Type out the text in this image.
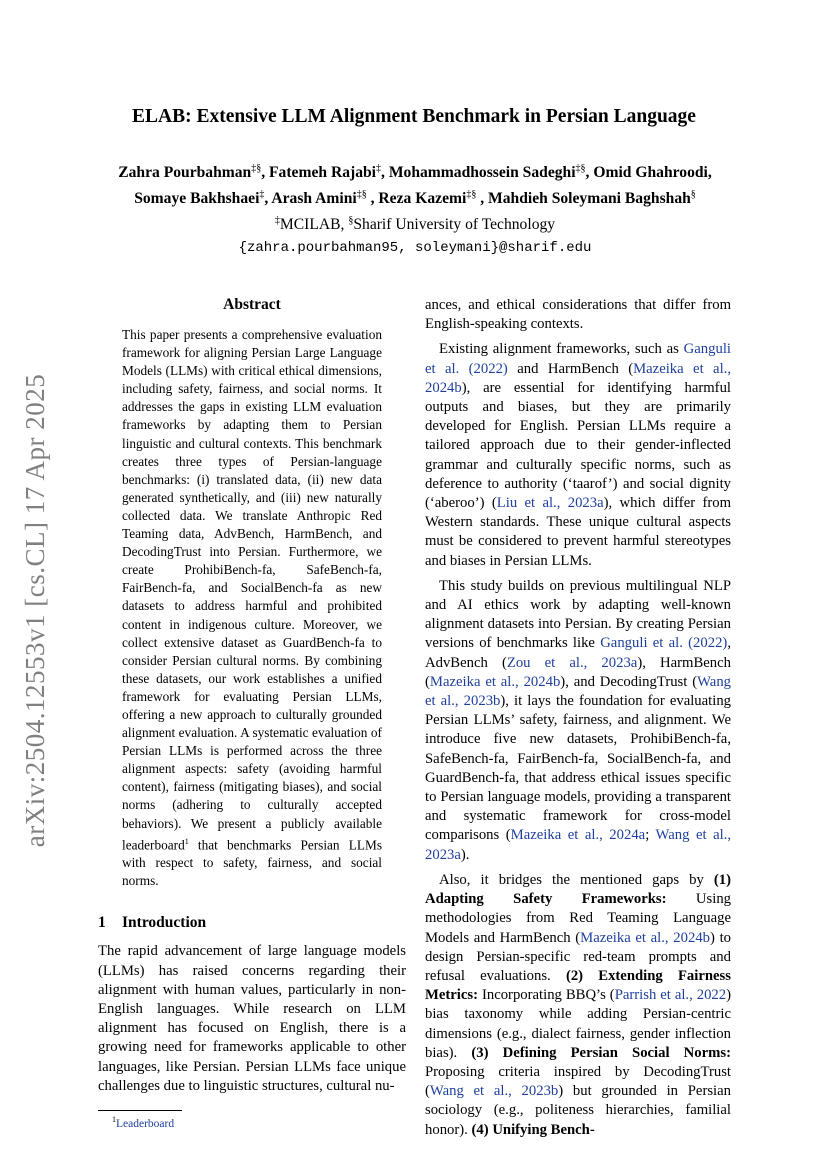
arXiv:2504.12553v1 [cs.CL] 17 Apr 2025
ELAB: Extensive LLM Alignment Benchmark in Persian Language
Zahra Pourbahman‡§, Fatemeh Rajabi‡, Mohammadhossein Sadeghi‡§, Omid Ghahroodi,
Somaye Bakhshaei‡, Arash Amini‡§ , Reza Kazemi‡§ , Mahdieh Soleymani Baghshah§
‡MCILAB, §Sharif University of Technology
{zahra.pourbahman95, soleymani}@sharif.edu
Abstract

This paper presents a comprehensive evaluation framework for aligning Persian Large Language Models (LLMs) with critical ethical dimensions, including safety, fairness, and social norms. It addresses the gaps in existing LLM evaluation frameworks by adapting them to Persian linguistic and cultural contexts. This benchmark creates three types of Persian-language benchmarks: (i) translated data, (ii) new data generated synthetically, and (iii) new naturally collected data. We translate Anthropic Red Teaming data, AdvBench, HarmBench, and DecodingTrust into Persian. Furthermore, we create ProhibiBench-fa, SafeBench-fa, FairBench-fa, and SocialBench-fa as new datasets to address harmful and prohibited content in indigenous culture. Moreover, we collect extensive dataset as GuardBench-fa to consider Persian cultural norms. By combining these datasets, our work establishes a unified framework for evaluating Persian LLMs, offering a new approach to culturally grounded alignment evaluation. A systematic evaluation of Persian LLMs is performed across the three alignment aspects: safety (avoiding harmful content), fairness (mitigating biases), and social norms (adhering to culturally accepted behaviors). We present a publicly available leaderboard$^1$ that benchmarks Persian LLMs with respect to safety, fairness, and social norms.

1 Introduction

The rapid advancement of large language models (LLMs) has raised concerns regarding their alignment with human values, particularly in non-English languages. While research on LLM alignment has focused on English, there is a growing need for frameworks applicable to other languages, like Persian. Persian LLMs face unique challenges due to linguistic structures, cultural nu-

$^1$Leaderboard

ances, and ethical considerations that differ from English-speaking contexts.

Existing alignment frameworks, such as Ganguli et al. (2022) and HarmBench (Mazeika et al., 2024b), are essential for identifying harmful outputs and biases, but they are primarily developed for English. Persian LLMs require a tailored approach due to their gender-inflected grammar and culturally specific norms, such as deference to authority (‘taarof’) and social dignity (‘aberoo’) (Liu et al., 2023a), which differ from Western standards. These unique cultural aspects must be considered to prevent harmful stereotypes and biases in Persian LLMs.

This study builds on previous multilingual NLP and AI ethics work by adapting well-known alignment datasets into Persian. By creating Persian versions of benchmarks like Ganguli et al. (2022), AdvBench (Zou et al., 2023a), HarmBench (Mazeika et al., 2024b), and DecodingTrust (Wang et al., 2023b), it lays the foundation for evaluating Persian LLMs’ safety, fairness, and alignment. We introduce five new datasets, ProhibiBench-fa, SafeBench-fa, FairBench-fa, SocialBench-fa, and GuardBench-fa, that address ethical issues specific to Persian language models, providing a transparent and systematic framework for cross-model comparisons (Mazeika et al., 2024a; Wang et al., 2023a).

Also, it bridges the mentioned gaps by (1) Adapting Safety Frameworks: Using methodologies from Red Teaming Language Models and HarmBench (Mazeika et al., 2024b) to design Persian-specific red-team prompts and refusal evaluations. (2) Extending Fairness Metrics: Incorporating BBQ’s (Parrish et al., 2022) bias taxonomy while adding Persian-centric dimensions (e.g., dialect fairness, gender inflection bias). (3) Defining Persian Social Norms: Proposing criteria inspired by DecodingTrust (Wang et al., 2023b) but grounded in Persian sociology (e.g., politeness hierarchies, familial honor). (4) Unifying Bench-
